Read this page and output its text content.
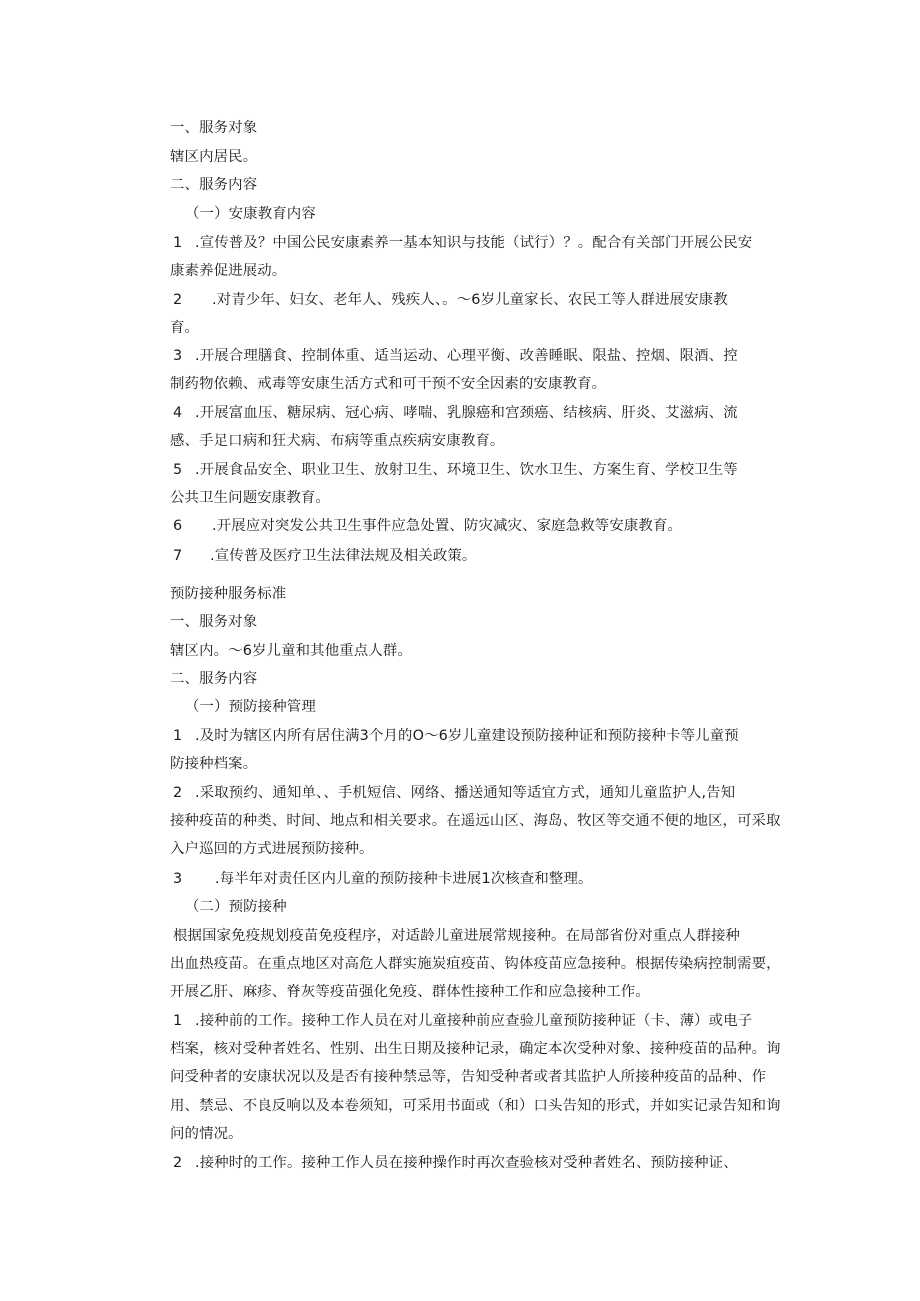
一、服务对象
辖区内居民。
二、服务内容
（一）安康教育内容
1 .宣传普及？中国公民安康素养一基本知识与技能（试行）？。配合有关部门开展公民安
康素养促进展动。
2 .对青少年、妇女、老年人、残疾人、。～6岁儿童家长、农民工等人群进展安康教
育。
3 .开展合理膳食、控制体重、适当运动、心理平衡、改善睡眠、限盐、控烟、限酒、控
制药物依赖、戒毒等安康生活方式和可干预不安全因素的安康教育。
4 .开展富血压、糖尿病、冠心病、哮喘、乳腺癌和宫颈癌、结核病、肝炎、艾滋病、流
感、手足口病和狂犬病、布病等重点疾病安康教育。
5 .开展食品安全、职业卫生、放射卫生、环境卫生、饮水卫生、方案生育、学校卫生等
公共卫生问题安康教育。
6 .开展应对突发公共卫生事件应急处置、防灾减灾、家庭急救等安康教育。
7 .宣传普及医疗卫生法律法规及相关政策。
预防接种服务标准
一、服务对象
辖区内。～6岁儿童和其他重点人群。
二、服务内容
（一）预防接种管理
1 .及时为辖区内所有居住满3个月的O～6岁儿童建设预防接种证和预防接种卡等儿童预
防接种档案。
2 .采取预约、通知单、、手机短信、网络、播送通知等适宜方式，通知儿童监护人,告知
接种疫苗的种类、时间、地点和相关要求。在遥远山区、海岛、牧区等交通不便的地区，可采取
入户巡回的方式进展预防接种。
3 .每半年对责任区内儿童的预防接种卡进展1次核查和整理。
（二）预防接种
根据国家免疫规划疫苗免疫程序，对适龄儿童进展常规接种。在局部省份对重点人群接种
出血热疫苗。在重点地区对高危人群实施炭疽疫苗、钩体疫苗应急接种。根据传染病控制需要，
开展乙肝、麻疹、脊灰等疫苗强化免疫、群体性接种工作和应急接种工作。
1 .接种前的工作。接种工作人员在对儿童接种前应查验儿童预防接种证（卡、薄）或电子
档案，核对受种者姓名、性别、出生日期及接种记录，确定本次受种对象、接种疫苗的品种。询
问受种者的安康状况以及是否有接种禁忌等，告知受种者或者其监护人所接种疫苗的品种、作
用、禁忌、不良反响以及本卷须知，可采用书面或（和）口头告知的形式，并如实记录告知和询
问的情况。
2 .接种时的工作。接种工作人员在接种操作时再次查验核对受种者姓名、预防接种证、
